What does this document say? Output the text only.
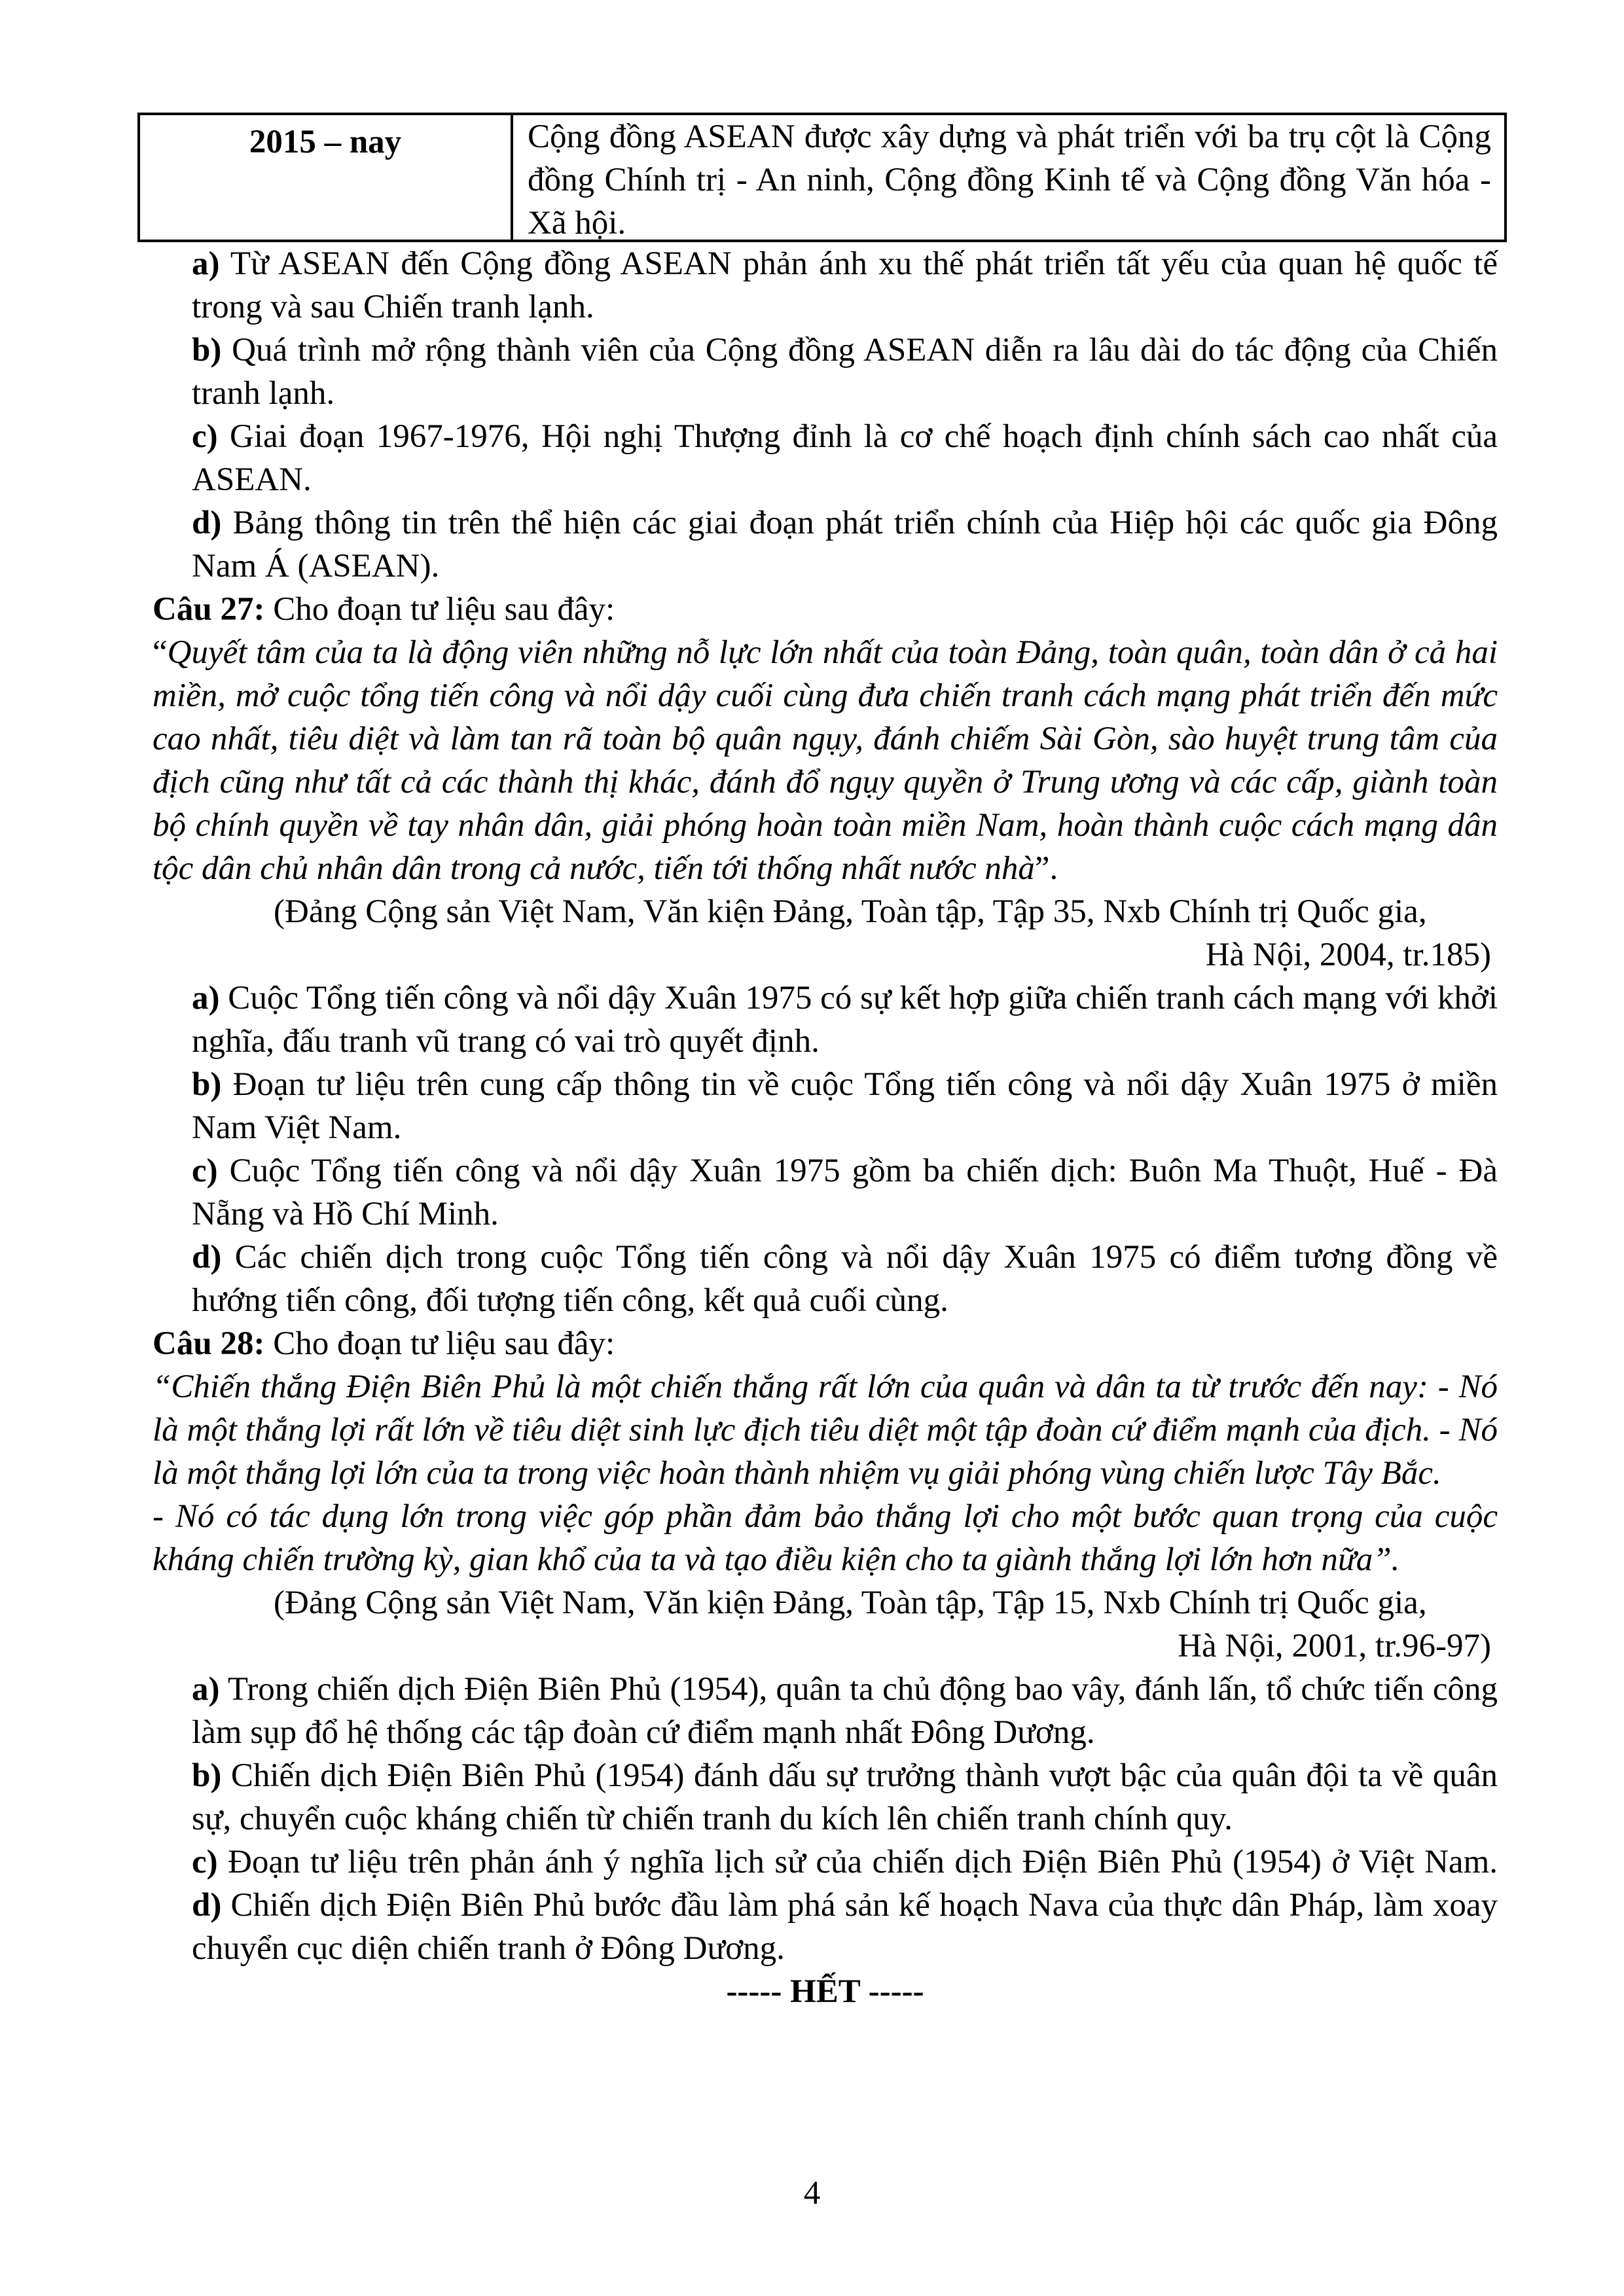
2015 – nay	Cộng đồng ASEAN được xây dựng và phát triển với ba trụ cột là Cộng đồng Chính trị - An ninh, Cộng đồng Kinh tế và Cộng đồng Văn hóa - Xã hội.

a) Từ ASEAN đến Cộng đồng ASEAN phản ánh xu thế phát triển tất yếu của quan hệ quốc tế trong và sau Chiến tranh lạnh.

b) Quá trình mở rộng thành viên của Cộng đồng ASEAN diễn ra lâu dài do tác động của Chiến tranh lạnh.

c) Giai đoạn 1967-1976, Hội nghị Thượng đỉnh là cơ chế hoạch định chính sách cao nhất của ASEAN.

d) Bảng thông tin trên thể hiện các giai đoạn phát triển chính của Hiệp hội các quốc gia Đông Nam Á (ASEAN).

Câu 27: Cho đoạn tư liệu sau đây:

“Quyết tâm của ta là động viên những nỗ lực lớn nhất của toàn Đảng, toàn quân, toàn dân ở cả hai miền, mở cuộc tổng tiến công và nổi dậy cuối cùng đưa chiến tranh cách mạng phát triển đến mức cao nhất, tiêu diệt và làm tan rã toàn bộ quân ngụy, đánh chiếm Sài Gòn, sào huyệt trung tâm của địch cũng như tất cả các thành thị khác, đánh đổ ngụy quyền ở Trung ương và các cấp, giành toàn bộ chính quyền về tay nhân dân, giải phóng hoàn toàn miền Nam, hoàn thành cuộc cách mạng dân tộc dân chủ nhân dân trong cả nước, tiến tới thống nhất nước nhà”.

(Đảng Cộng sản Việt Nam, Văn kiện Đảng, Toàn tập, Tập 35, Nxb Chính trị Quốc gia,

Hà Nội, 2004, tr.185)

a) Cuộc Tổng tiến công và nổi dậy Xuân 1975 có sự kết hợp giữa chiến tranh cách mạng với khởi nghĩa, đấu tranh vũ trang có vai trò quyết định.

b) Đoạn tư liệu trên cung cấp thông tin về cuộc Tổng tiến công và nổi dậy Xuân 1975 ở miền Nam Việt Nam.

c) Cuộc Tổng tiến công và nổi dậy Xuân 1975 gồm ba chiến dịch: Buôn Ma Thuột, Huế - Đà Nẵng và Hồ Chí Minh.

d) Các chiến dịch trong cuộc Tổng tiến công và nổi dậy Xuân 1975 có điểm tương đồng về hướng tiến công, đối tượng tiến công, kết quả cuối cùng.

Câu 28: Cho đoạn tư liệu sau đây:

“Chiến thắng Điện Biên Phủ là một chiến thắng rất lớn của quân và dân ta từ trước đến nay: - Nó là một thắng lợi rất lớn về tiêu diệt sinh lực địch tiêu diệt một tập đoàn cứ điểm mạnh của địch. - Nó là một thắng lợi lớn của ta trong việc hoàn thành nhiệm vụ giải phóng vùng chiến lược Tây Bắc.

- Nó có tác dụng lớn trong việc góp phần đảm bảo thắng lợi cho một bước quan trọng của cuộc kháng chiến trường kỳ, gian khổ của ta và tạo điều kiện cho ta giành thắng lợi lớn hơn nữa”.

(Đảng Cộng sản Việt Nam, Văn kiện Đảng, Toàn tập, Tập 15, Nxb Chính trị Quốc gia,

Hà Nội, 2001, tr.96-97)

a) Trong chiến dịch Điện Biên Phủ (1954), quân ta chủ động bao vây, đánh lấn, tổ chức tiến công làm sụp đổ hệ thống các tập đoàn cứ điểm mạnh nhất Đông Dương.

b) Chiến dịch Điện Biên Phủ (1954) đánh dấu sự trưởng thành vượt bậc của quân đội ta về quân sự, chuyển cuộc kháng chiến từ chiến tranh du kích lên chiến tranh chính quy.

c) Đoạn tư liệu trên phản ánh ý nghĩa lịch sử của chiến dịch Điện Biên Phủ (1954) ở Việt Nam. d) Chiến dịch Điện Biên Phủ bước đầu làm phá sản kế hoạch Nava của thực dân Pháp, làm xoay chuyển cục diện chiến tranh ở Đông Dương.

----- HẾT -----

4
